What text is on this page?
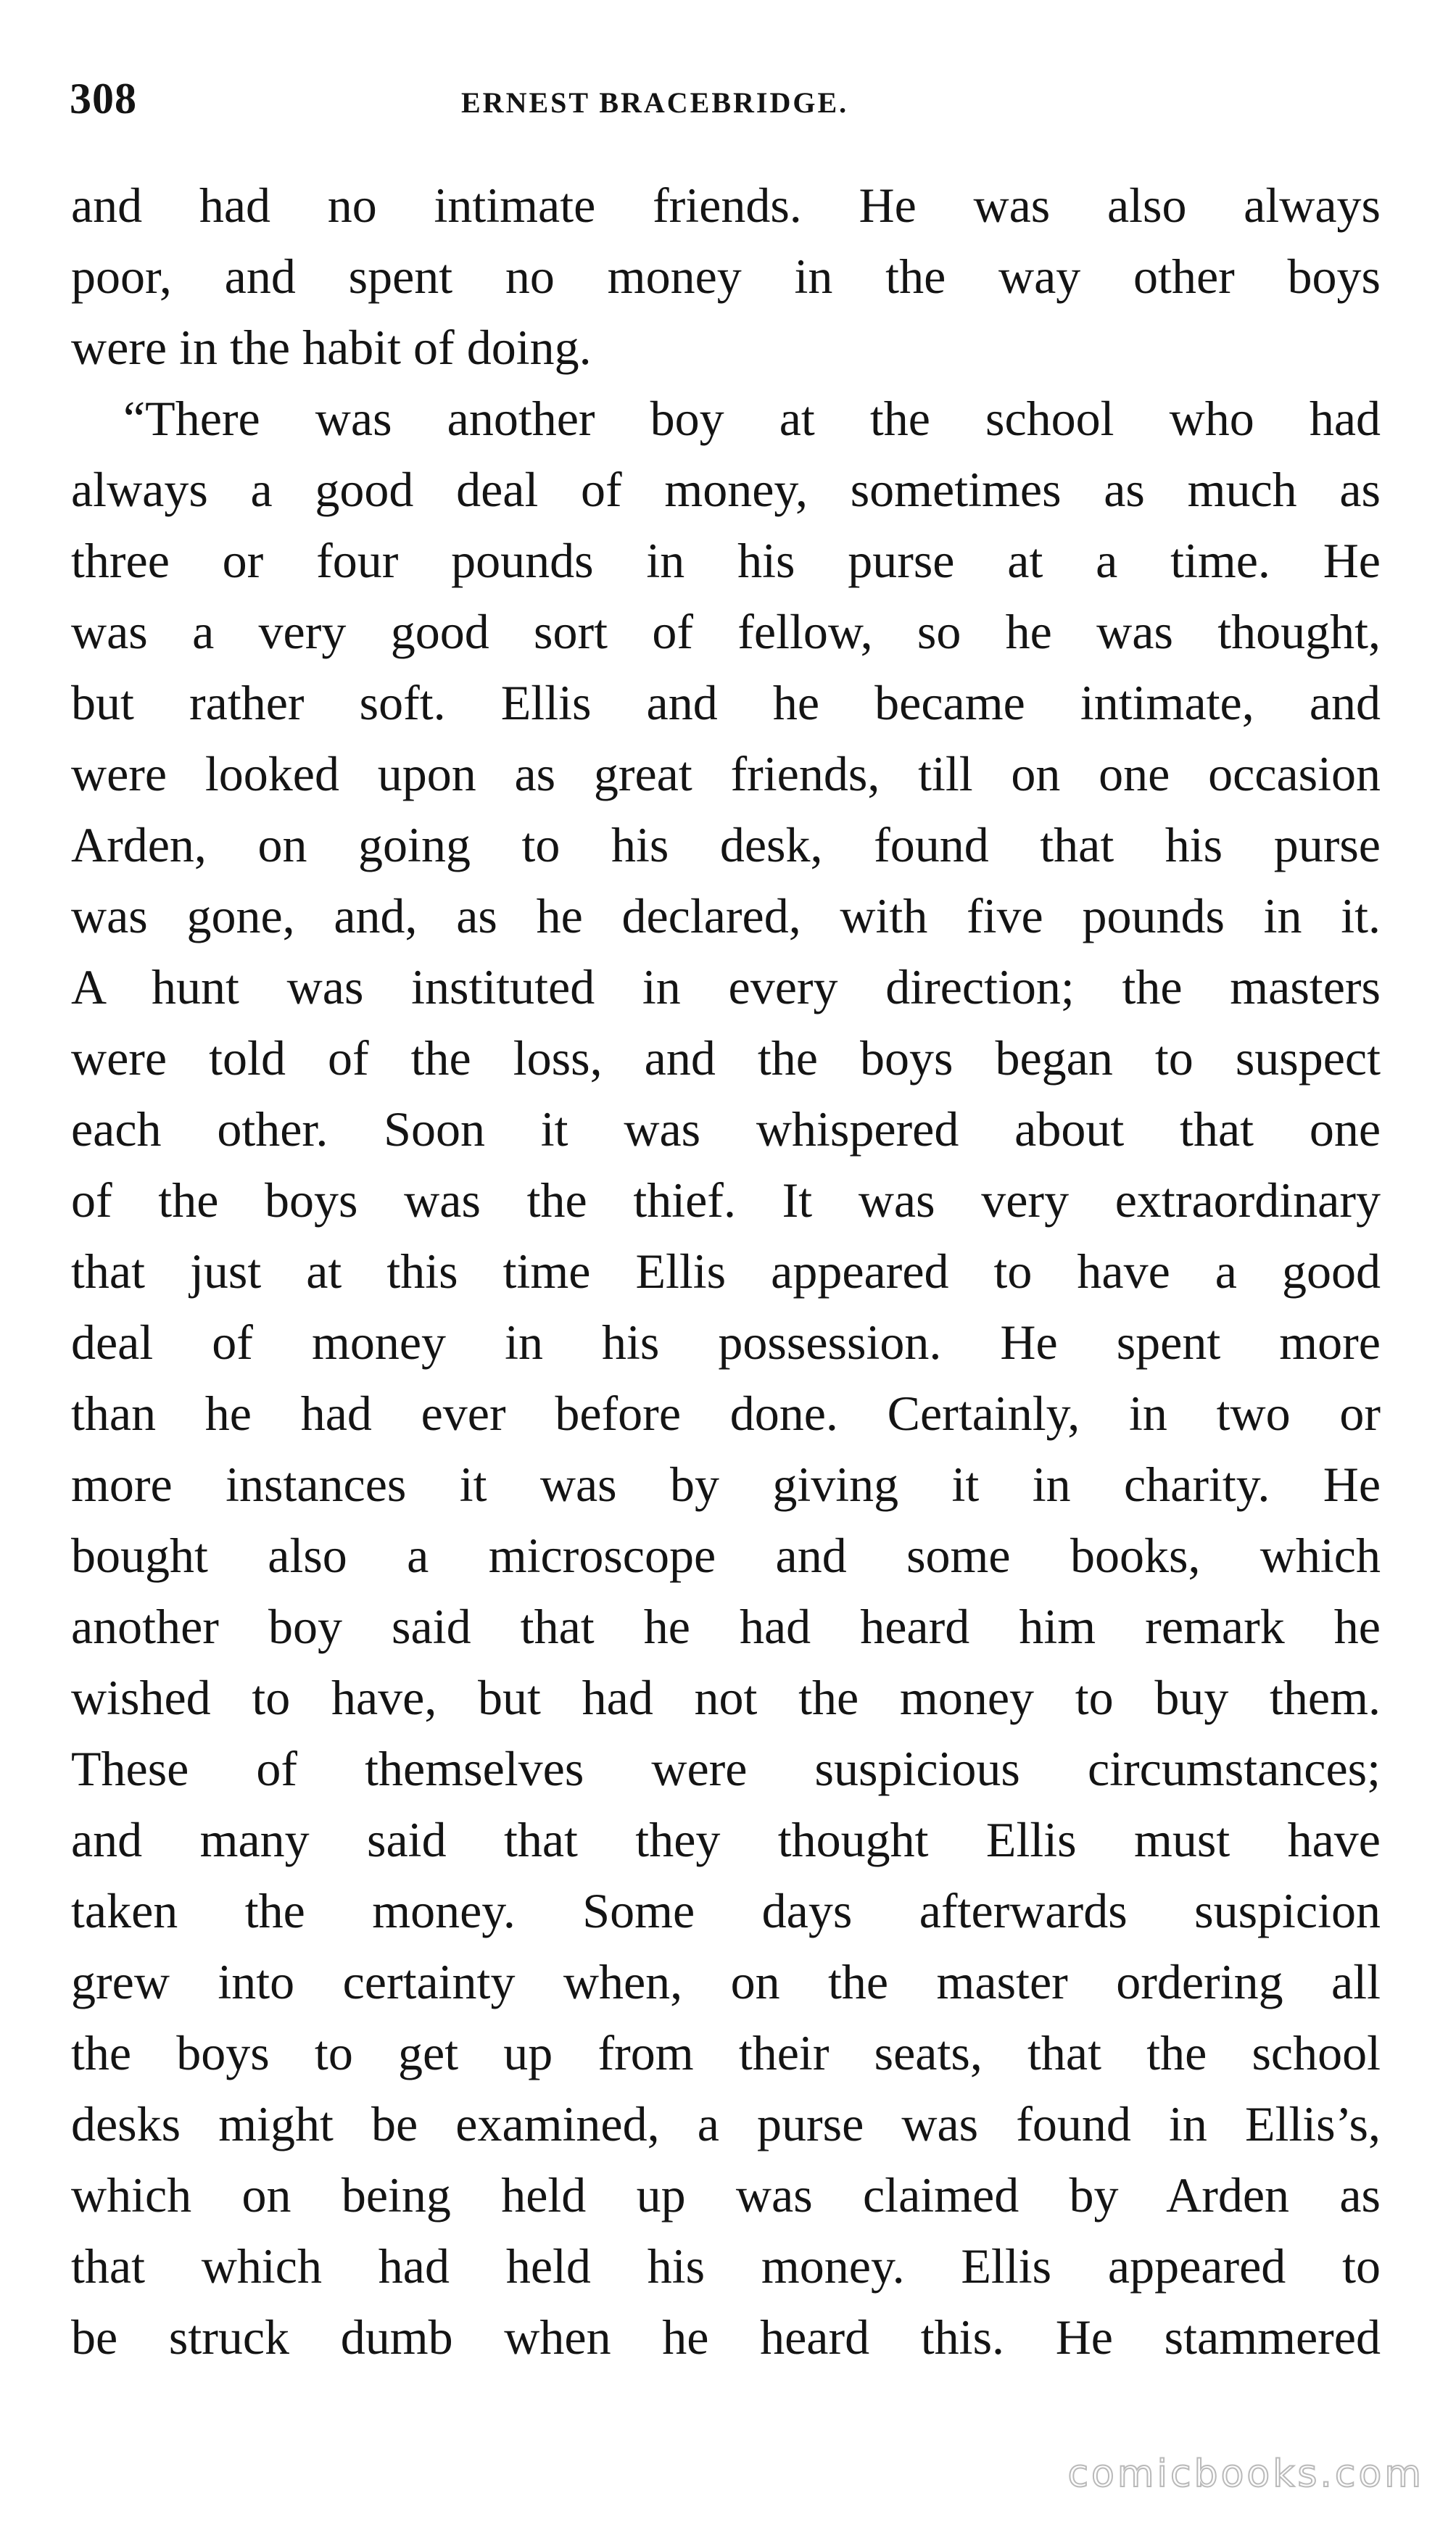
308	ERNEST BRACEBRIDGE.
and had no intimate friends. He was also always
poor, and spent no money in the way other boys
were in the habit of doing.
“There was another boy at the school who had
always a good deal of money, sometimes as much as
three or four pounds in his purse at a time. He
was a very good sort of fellow, so he was thought,
but rather soft. Ellis and he became intimate, and
were looked upon as great friends, till on one occasion
Arden, on going to his desk, found that his purse
was gone, and, as he declared, with five pounds in it.
A hunt was instituted in every direction; the masters
were told of the loss, and the boys began to suspect
each other. Soon it was whispered about that one
of the boys was the thief. It was very extraordinary
that just at this time Ellis appeared to have a good
deal of money in his possession. He spent more
than he had ever before done. Certainly, in two or
more instances it was by giving it in charity. He
bought also a microscope and some books, which
another boy said that he had heard him remark he
wished to have, but had not the money to buy them.
These of themselves were suspicious circumstances;
and many said that they thought Ellis must have
taken the money. Some days afterwards suspicion
grew into certainty when, on the master ordering all
the boys to get up from their seats, that the school
desks might be examined, a purse was found in Ellis’s,
which on being held up was claimed by Arden as
that which had held his money. Ellis appeared to
be struck dumb when he heard this. He stammered
comicbooks.com
